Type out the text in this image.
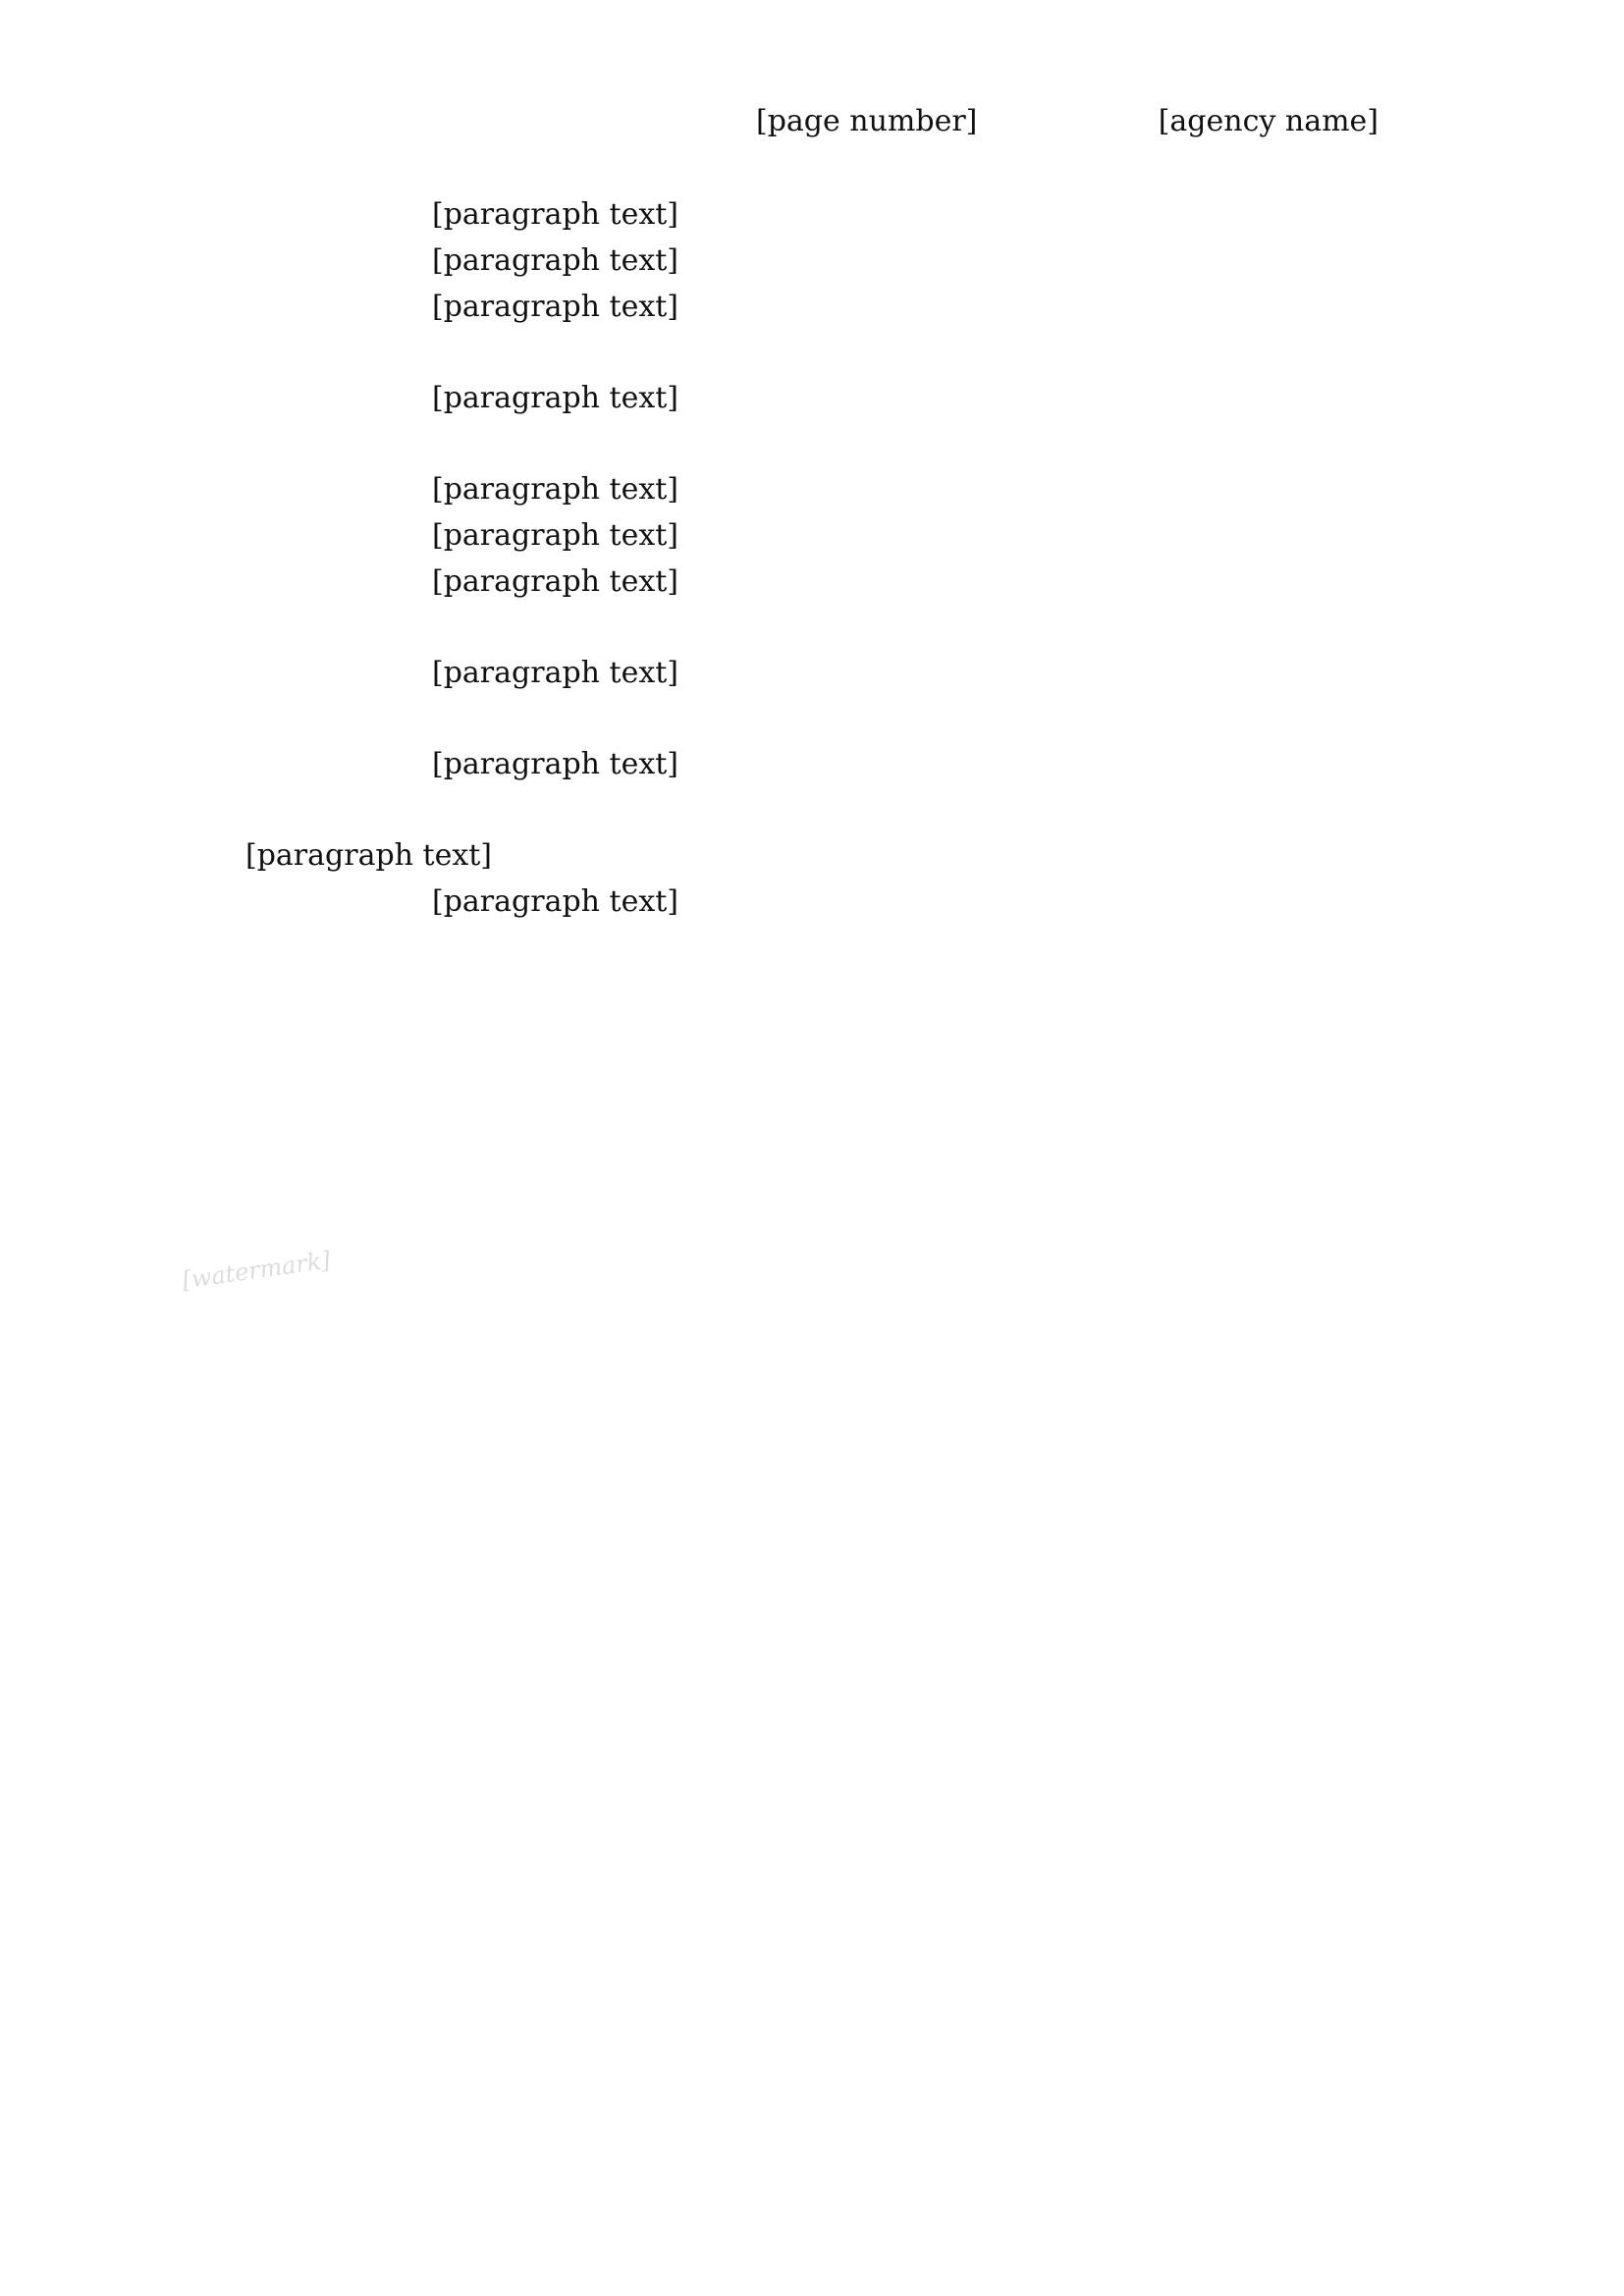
[page number]	[agency name]
[watermark]

[paragraph text]

[paragraph text]

[paragraph text]

[paragraph text]

[paragraph text]

[paragraph text]

[paragraph text]

[paragraph text]

[paragraph text]

[paragraph text]

[paragraph text]
